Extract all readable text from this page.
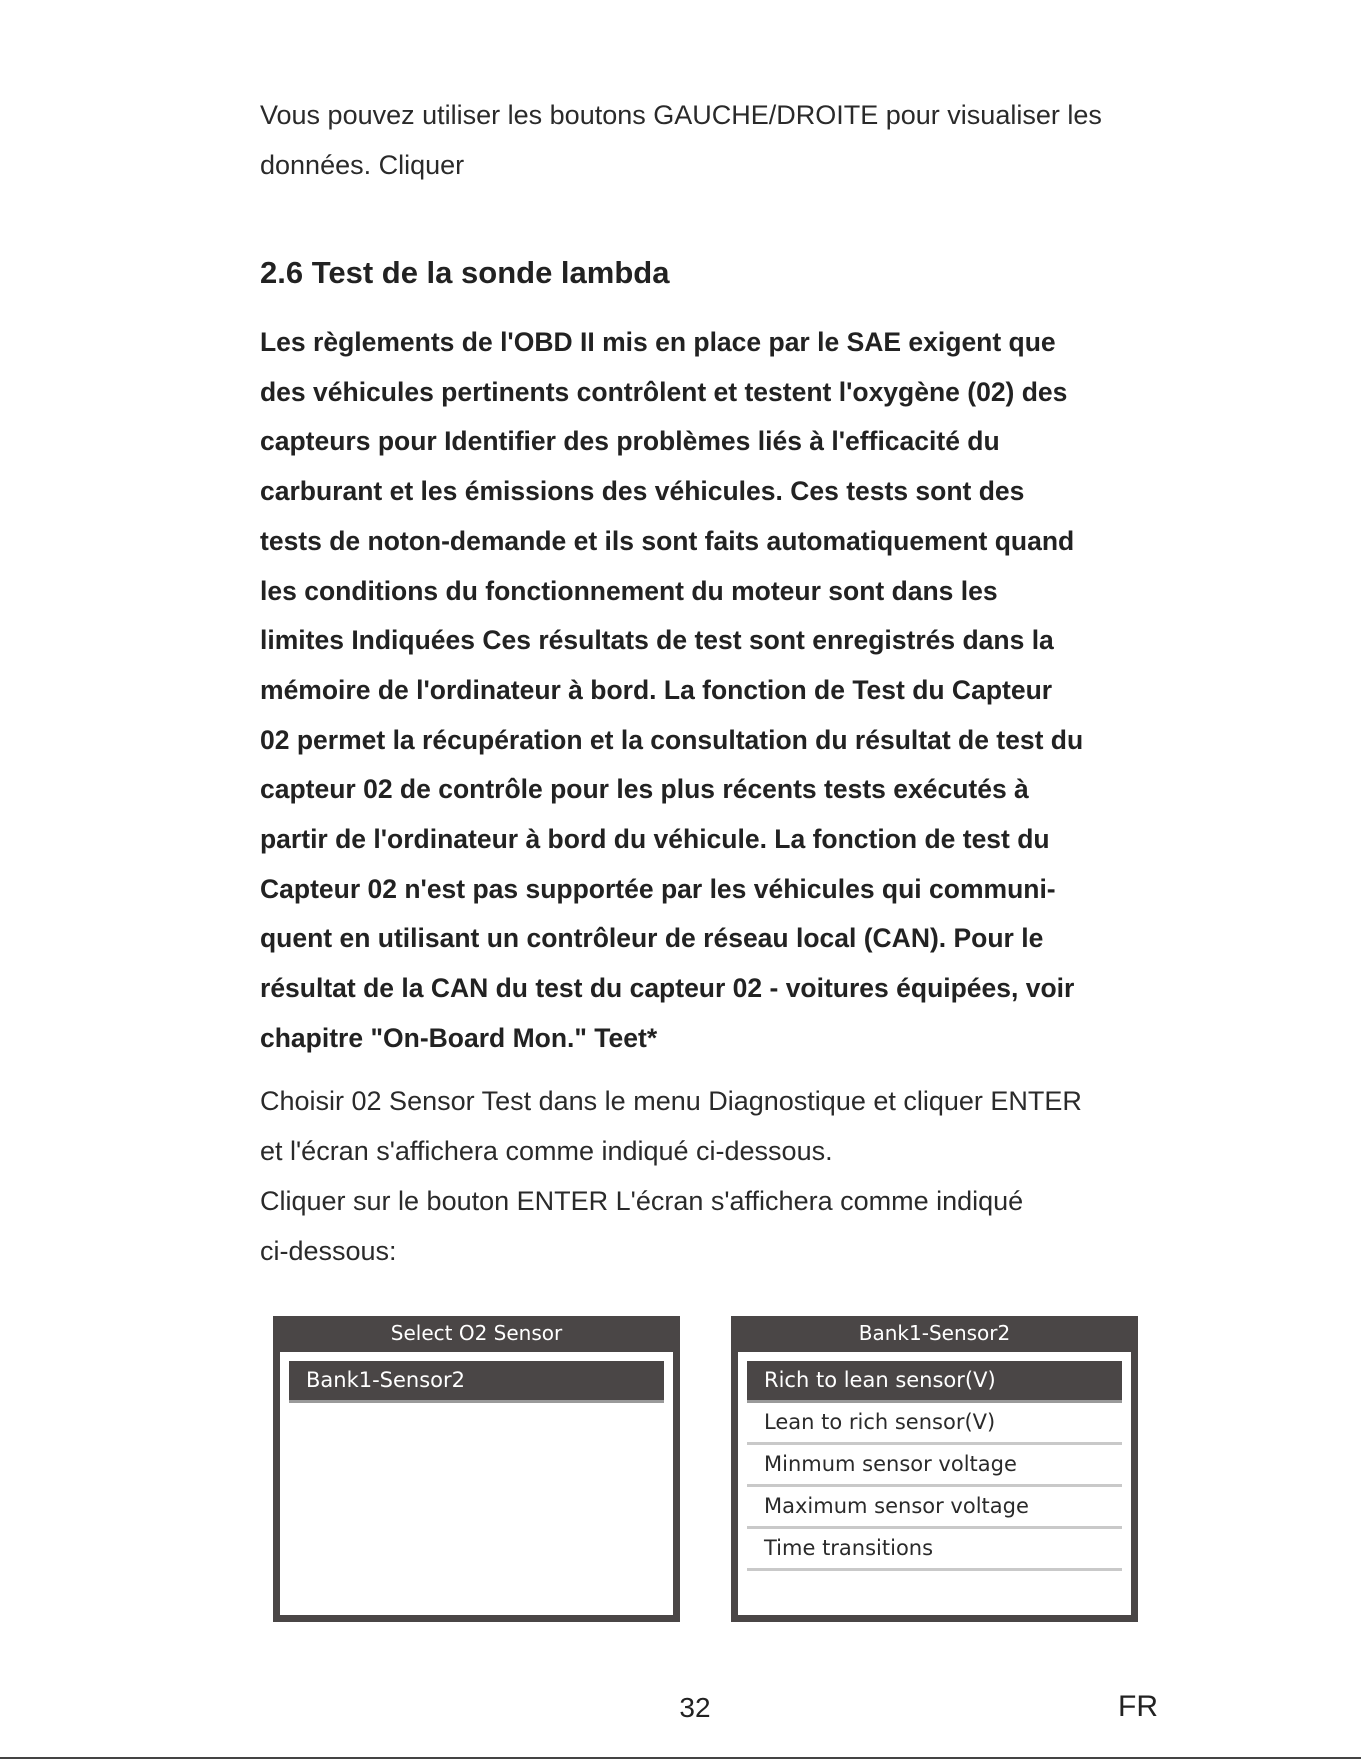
Vous pouvez utiliser les boutons GAUCHE/DROITE pour visualiser les

données. Cliquer

2.6 Test de la sonde lambda
Les règlements de l'OBD II mis en place par le SAE exigent que
des véhicules pertinents contrôlent et testent l'oxygène (02) des
capteurs pour Identifier des problèmes liés à l'efficacité du
carburant et les émissions des véhicules. Ces tests sont des
tests de noton-demande et ils sont faits automatiquement quand
les conditions du fonctionnement du moteur sont dans les
limites Indiquées Ces résultats de test sont enregistrés dans la
mémoire de l'ordinateur à bord. La fonction de Test du Capteur
02 permet la récupération et la consultation du résultat de test du
capteur 02 de contrôle pour les plus récents tests exécutés à
partir de l'ordinateur à bord du véhicule. La fonction de test du
Capteur 02 n'est pas supportée par les véhicules qui communi-
quent en utilisant un contrôleur de réseau local (CAN). Pour le
résultat de la CAN du test du capteur 02 - voitures équipées, voir
chapitre "On-Board Mon." Teet*
Choisir 02 Sensor Test dans le menu Diagnostique et cliquer ENTER
et l'écran s'affichera comme indiqué ci-dessous.
Cliquer sur le bouton ENTER L'écran s'affichera comme indiqué
ci-dessous:
Select O2 Sensor
Bank1-Sensor2
Bank1-Sensor2
Rich to lean sensor(V)
Lean to rich sensor(V)
Minmum sensor voltage
Maximum sensor voltage
Time transitions
32	FR
